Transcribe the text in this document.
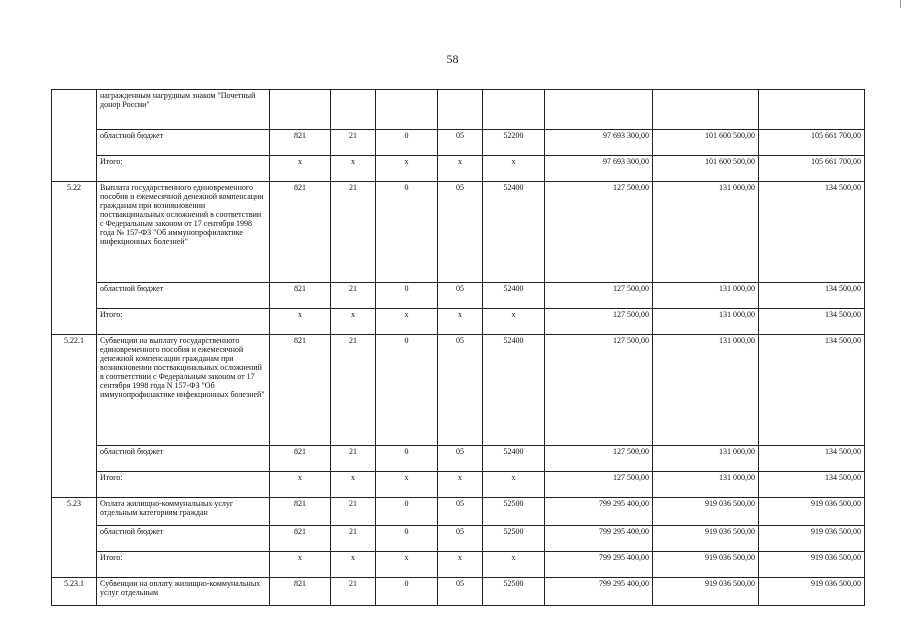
58
	награжденным нагрудным знаком "Почетный донор России"								
	областной бюджет	821	21	0	05	52200	97 693 300,00	101 600 500,00	105 661 700,00
	Итого:	х	х	х	х	х	97 693 300,00	101 600 500,00	105 661 700,00
5.22	Выплата государственного единовременного пособия и ежемесячной денежной компенсации гражданам при возникновении поствакцинальных осложнений в соответствии с Федеральным законом от 17 сентября 1998 года № 157-ФЗ "Об иммунопрофилактике инфекционных болезней"	821	21	0	05	52400	127 500,00	131 000,00	134 500,00
	областной бюджет	821	21	0	05	52400	127 500,00	131 000,00	134 500,00
	Итого:	х	х	х	х	х	127 500,00	131 000,00	134 500,00
5.22.1	Субвенции на выплату государственного единовременного пособия и ежемесячной денежной компенсации гражданам при возникновении поствакцинальных осложнений в соответствии с Федеральным законом от 17 сентября 1998 года N 157-ФЗ "Об иммунопрофилактике инфекционных болезней"	821	21	0	05	52400	127 500,00	131 000,00	134 500,00
	областной бюджет	821	21	0	05	52400	127 500,00	131 000,00	134 500,00
	Итого:	х	х	х	х	х	127 500,00	131 000,00	134 500,00
5.23	Оплата жилищно-коммунальных услуг отдельным категориям граждан	821	21	0	05	52500	799 295 400,00	919 036 500,00	919 036 500,00
	областной бюджет	821	21	0	05	52500	799 295 400,00	919 036 500,00	919 036 500,00
	Итого:	х	х	х	х	х	799 295 400,00	919 036 500,00	919 036 500,00
5.23.1	Субвенции на оплату жилищно-коммунальных услуг отдельным	821	21	0	05	52500	799 295 400,00	919 036 500,00	919 036 500,00
